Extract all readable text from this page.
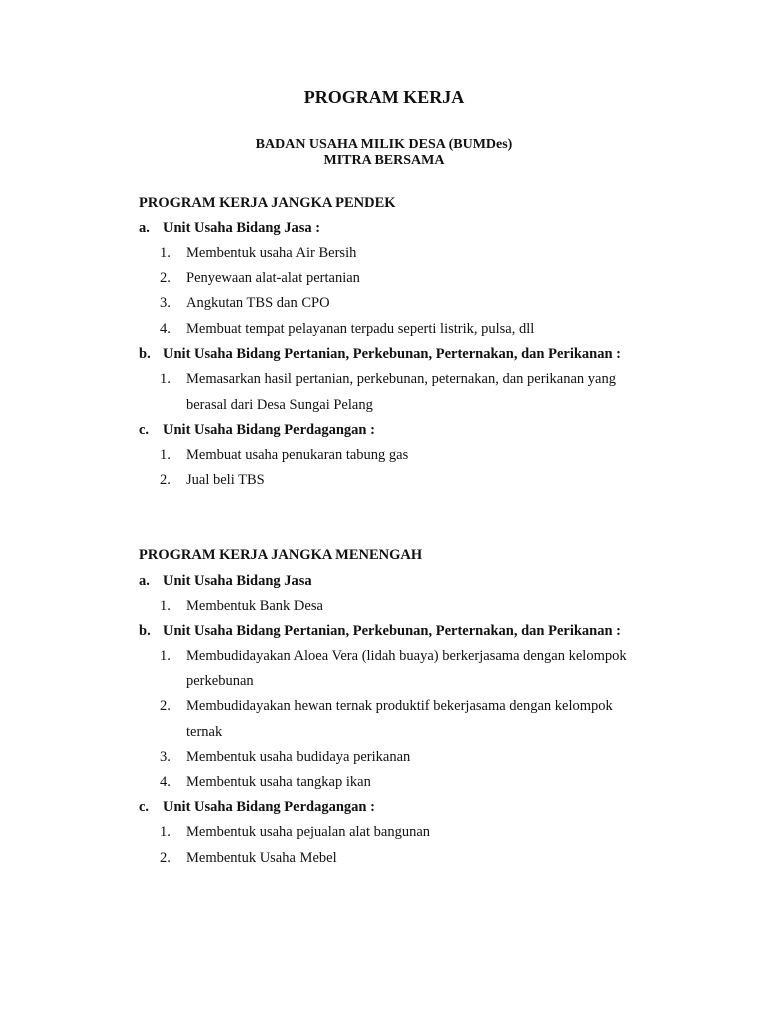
PROGRAM KERJA
BADAN USAHA MILIK DESA (BUMDes)
MITRA BERSAMA
PROGRAM KERJA JANGKA PENDEK
a. Unit Usaha Bidang Jasa :
1. Membentuk usaha Air Bersih
2. Penyewaan alat-alat pertanian
3. Angkutan TBS dan CPO
4. Membuat tempat pelayanan terpadu seperti listrik, pulsa, dll
b. Unit Usaha Bidang Pertanian, Perkebunan, Perternakan, dan Perikanan :
1. Memasarkan hasil pertanian, perkebunan, peternakan, dan perikanan yang
berasal dari Desa Sungai Pelang
c. Unit Usaha Bidang Perdagangan :
1. Membuat usaha penukaran tabung gas
2. Jual beli TBS
PROGRAM KERJA JANGKA MENENGAH
a. Unit Usaha Bidang Jasa
1. Membentuk Bank Desa
b. Unit Usaha Bidang Pertanian, Perkebunan, Perternakan, dan Perikanan :
1. Membudidayakan Aloea Vera (lidah buaya) berkerjasama dengan kelompok
perkebunan
2. Membudidayakan hewan ternak produktif bekerjasama dengan kelompok
ternak
3. Membentuk usaha budidaya perikanan
4. Membentuk usaha tangkap ikan
c. Unit Usaha Bidang Perdagangan :
1. Membentuk usaha pejualan alat bangunan
2. Membentuk Usaha Mebel
